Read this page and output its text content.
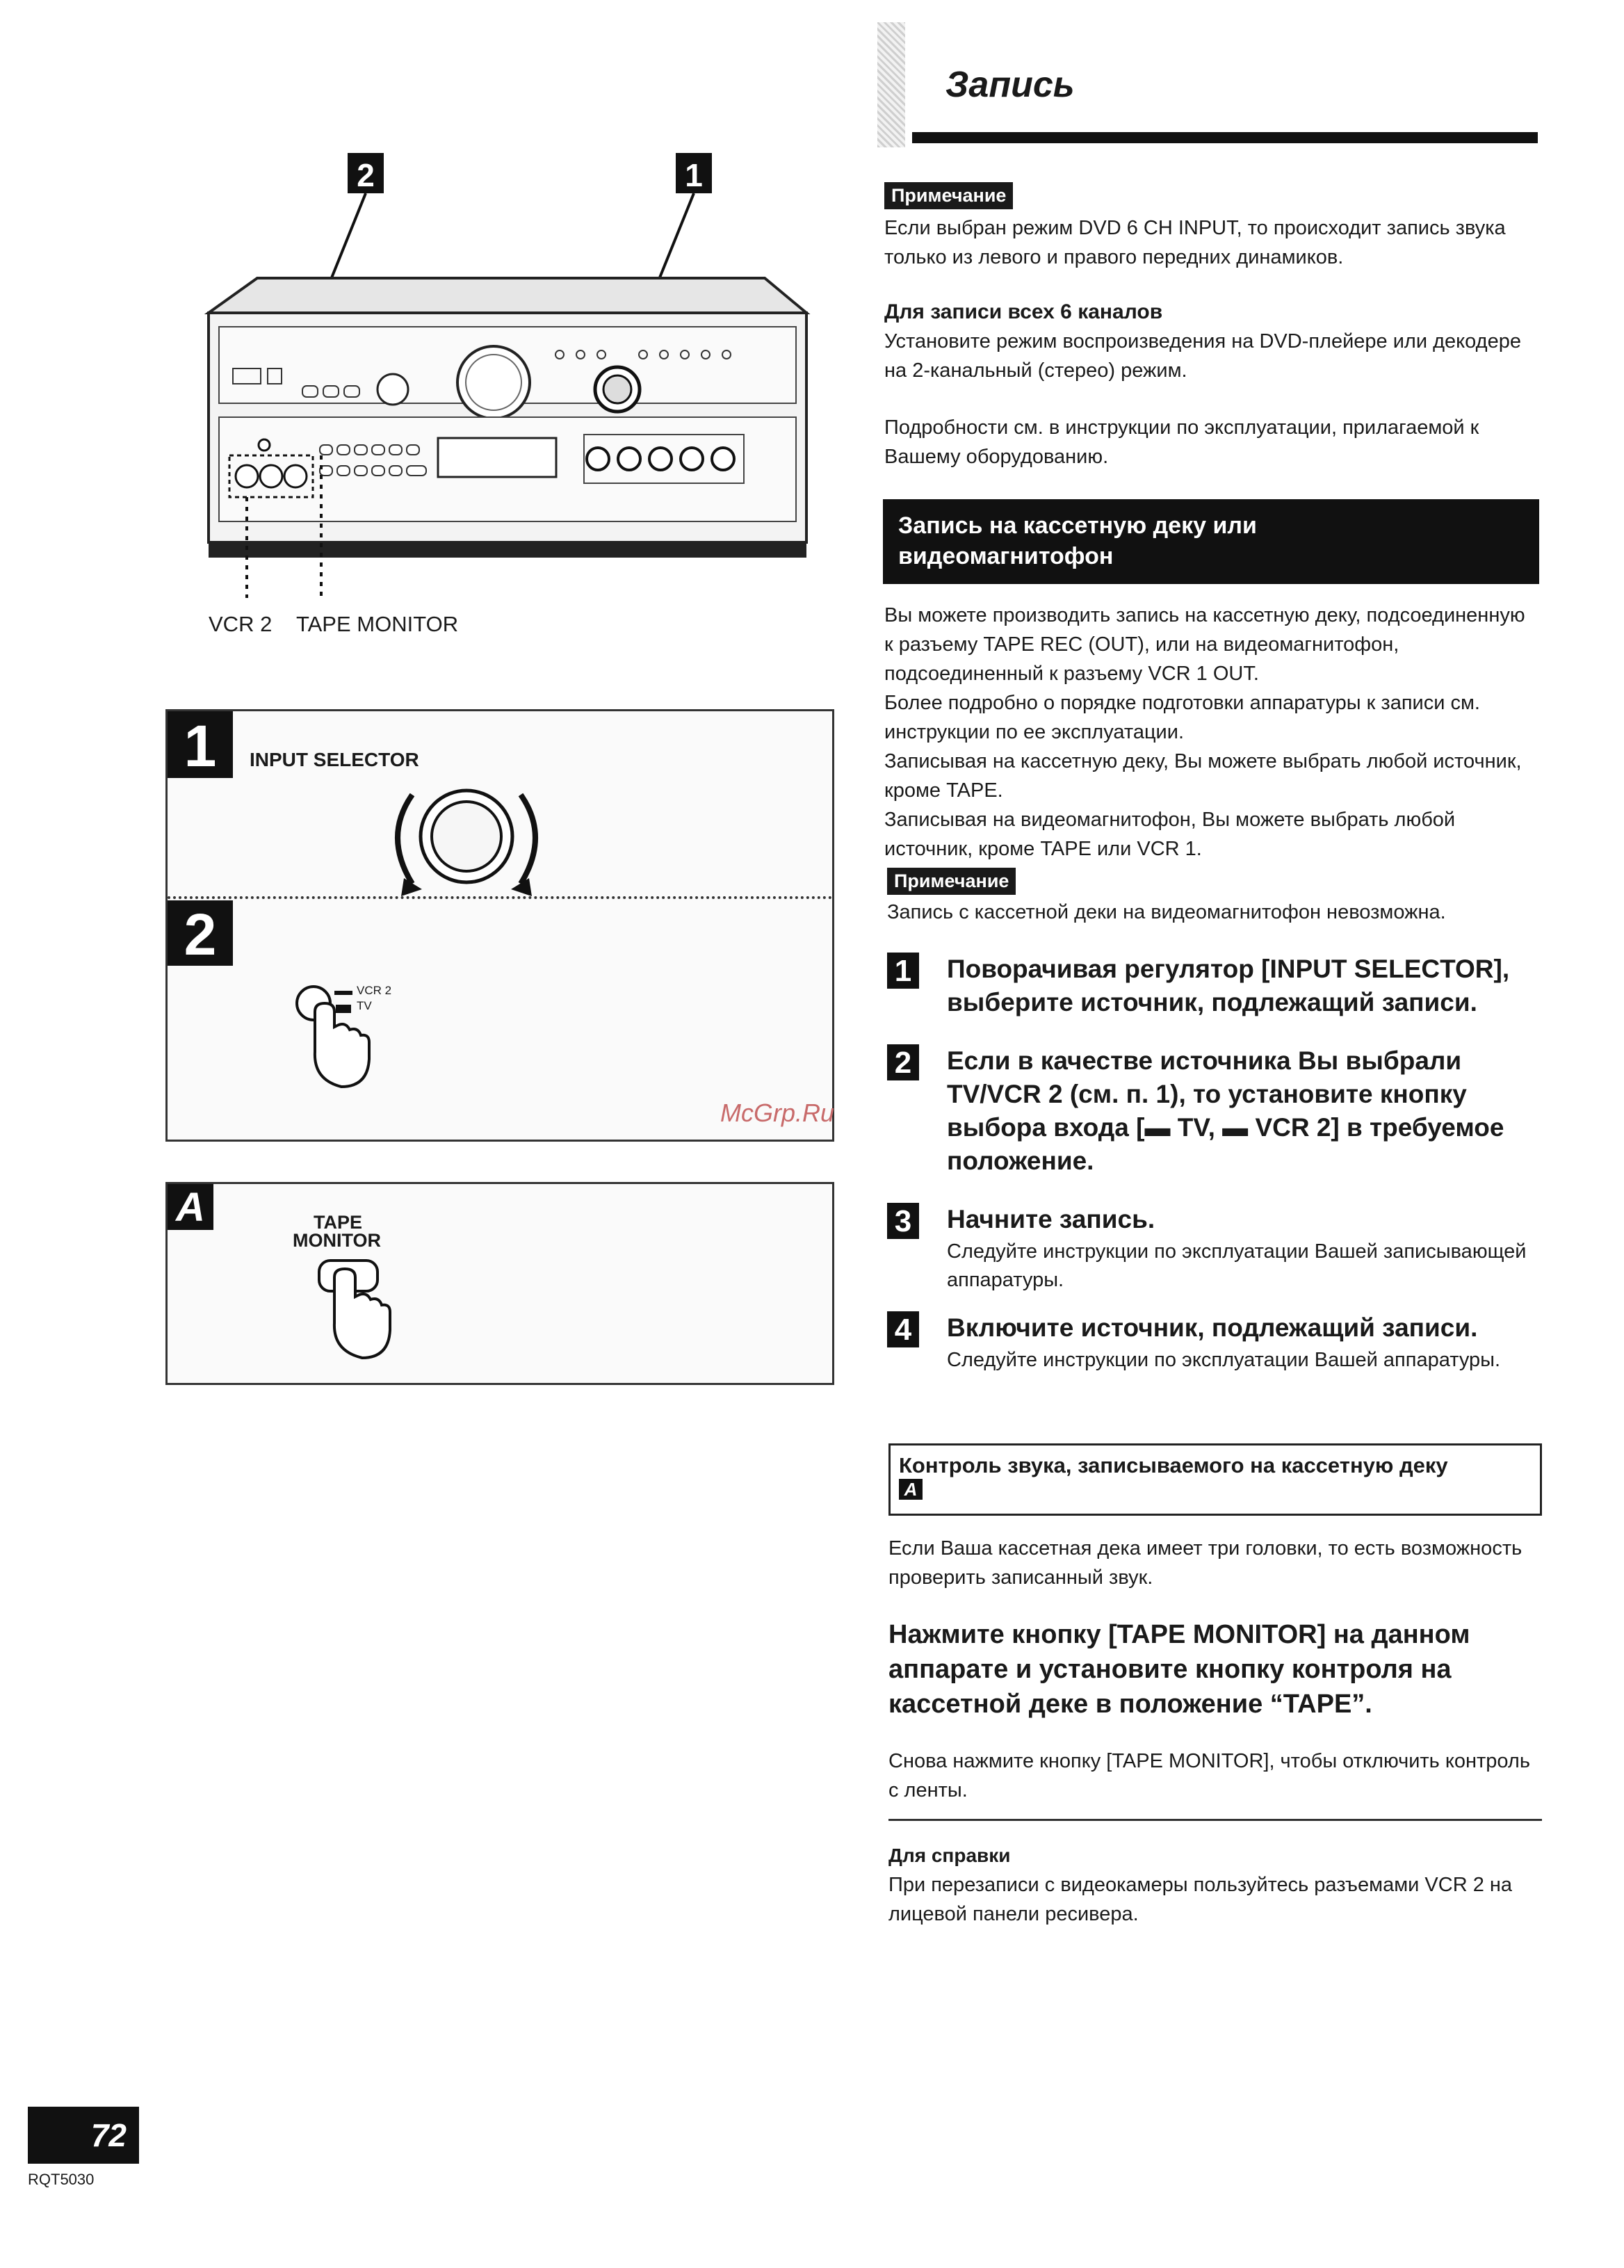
2	1
VCR 2 TAPE MONITOR
1	INPUT SELECTOR
2
VCR 2
TV
A	TAPE
MONITOR
Запись
Примечание
Если выбран режим DVD 6 CH INPUT, то происходит запись звука только из левого и правого передних динамиков.
Для записи всех 6 каналов
Установите режим воспроизведения на DVD-плейере или декодере на 2-канальный (стерео) режим.
Подробности см. в инструкции по эксплуатации, прилагаемой к Вашему оборудованию.
Запись на кассетную деку или
видеомагнитофон
Вы можете производить запись на кассетную деку, подсоединенную к разъему TAPE REC (OUT), или на видеомагнитофон, подсоединенный к разъему VCR 1 OUT.
Более подробно о порядке подготовки аппаратуры к записи см. инструкции по ее эксплуатации.
Записывая на кассетную деку, Вы можете выбрать любой источник, кроме TAPE.
Записывая на видеомагнитофон, Вы можете выбрать любой источник, кроме TAPE или VCR 1.
Примечание
Запись с кассетной деки на видеомагнитофон невозможна.
1 Поворачивая регулятор [INPUT SELECTOR], выберите источник, подлежащий записи.
2 Если в качестве источника Вы выбрали TV/VCR 2 (см. п. 1), то установите кнопку выбора входа [▬ TV, ▬ VCR 2] в требуемое положение.
3 Начните запись.
Следуйте инструкции по эксплуатации Вашей записывающей аппаратуры.
4 Включите источник, подлежащий записи.
Следуйте инструкции по эксплуатации Вашей аппаратуры.
Контроль звука, записываемого на кассетную деку
A
Если Ваша кассетная дека имеет три головки, то есть возможность проверить записанный звук.
Нажмите кнопку [TAPE MONITOR] на данном аппарате и установите кнопку контроля на кассетной деке в положение “TAPE”.
Снова нажмите кнопку [TAPE MONITOR], чтобы отключить контроль с ленты.
Для справки
При перезаписи с видеокамеры пользуйтесь разъемами VCR 2 на лицевой панели ресивера.
McGrp.Ru
72
RQT5030
